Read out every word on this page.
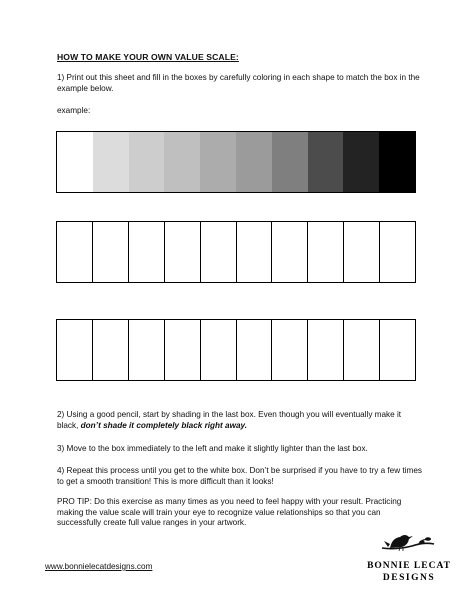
HOW TO MAKE YOUR OWN VALUE SCALE:
1) Print out this sheet and fill in the boxes by carefully coloring in each shape to match the box in the example below.
example:
2) Using a good pencil, start by shading in the last box. Even though you will eventually make it black, don’t shade it completely black right away.
3) Move to the box immediately to the left and make it slightly lighter than the last box.
4) Repeat this process until you get to the white box. Don’t be surprised if you have to try a few times to get a smooth transition! This is more difficult than it looks!
PRO TIP: Do this exercise as many times as you need to feel happy with your result. Practicing making the value scale will train your eye to recognize value relationships so that you can successfully create full value ranges in your artwork.
www.bonnielecatdesigns.com	BONNIE LECAT
DESIGNS
